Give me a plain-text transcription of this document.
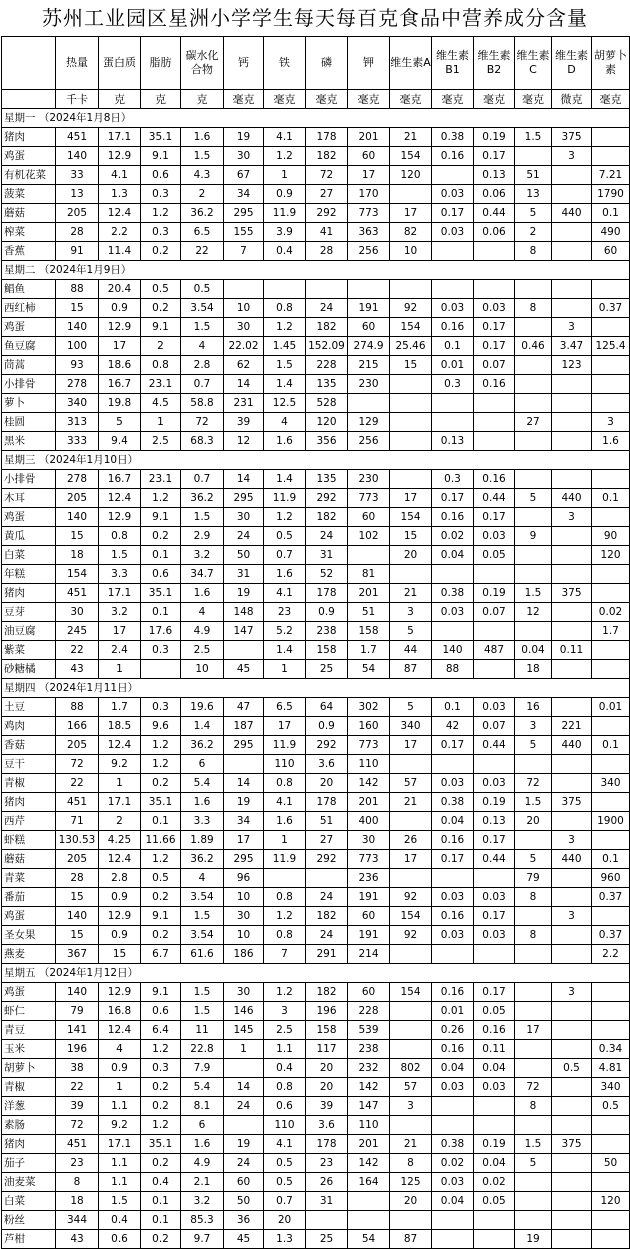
苏州工业园区星洲小学学生每天每百克食品中营养成分含量
	热量	蛋白质	脂肪	碳水化合物	钙	铁	磷	钾	维生素A	维生素B1	维生素B2	维生素C	维生素D	胡萝卜素
	千卡	克	克	克	毫克	毫克	毫克	毫克	毫克	毫克	毫克	毫克	微克	毫克
星期一 （2024年1月8日）														
猪肉	451	17.1	35.1	1.6	19	4.1	178	201	21	0.38	0.19	1.5	375	
鸡蛋	140	12.9	9.1	1.5	30	1.2	182	60	154	0.16	0.17		3	
有机花菜	33	4.1	0.6	4.3	67	1	72	17	120		0.13	51		7.21
菠菜	13	1.3	0.3	2	34	0.9	27	170		0.03	0.06	13		1790
蘑菇	205	12.4	1.2	36.2	295	11.9	292	773	17	0.17	0.44	5	440	0.1
榨菜	28	2.2	0.3	6.5	155	3.9	41	363	82	0.03	0.06	2		490
香蕉	91	11.4	0.2	22	7	0.4	28	256	10			8		60
星期二 （2024年1月9日）														
鲳鱼	88	20.4	0.5	0.5										
西红柿	15	0.9	0.2	3.54	10	0.8	24	191	92	0.03	0.03	8		0.37
鸡蛋	140	12.9	9.1	1.5	30	1.2	182	60	154	0.16	0.17		3	
鱼豆腐	100	17	2	4	22.02	1.45	152.09	274.9	25.46	0.1	0.17	0.46	3.47	125.4
茼蒿	93	18.6	0.8	2.8	62	1.5	228	215	15	0.01	0.07		123	
小排骨	278	16.7	23.1	0.7	14	1.4	135	230		0.3	0.16			
萝卜	340	19.8	4.5	58.8	231	12.5	528							
桂圆	313	5	1	72	39	4	120	129				27		3
黑米	333	9.4	2.5	68.3	12	1.6	356	256		0.13				1.6
星期三 （2024年1月10日）														
小排骨	278	16.7	23.1	0.7	14	1.4	135	230		0.3	0.16			
木耳	205	12.4	1.2	36.2	295	11.9	292	773	17	0.17	0.44	5	440	0.1
鸡蛋	140	12.9	9.1	1.5	30	1.2	182	60	154	0.16	0.17		3	
黄瓜	15	0.8	0.2	2.9	24	0.5	24	102	15	0.02	0.03	9		90
白菜	18	1.5	0.1	3.2	50	0.7	31		20	0.04	0.05			120
年糕	154	3.3	0.6	34.7	31	1.6	52	81						
猪肉	451	17.1	35.1	1.6	19	4.1	178	201	21	0.38	0.19	1.5	375	
豆芽	30	3.2	0.1	4	148	23	0.9	51	3	0.03	0.07	12		0.02
油豆腐	245	17	17.6	4.9	147	5.2	238	158	5					1.7
紫菜	22	2.4	0.3	2.5		1.4	158	1.7	44	140	487	0.04	0.11	
砂糖橘	43	1		10	45	1	25	54	87	88		18		
星期四 （2024年1月11日）														
土豆	88	1.7	0.3	19.6	47	6.5	64	302	5	0.1	0.03	16		0.01
鸡肉	166	18.5	9.6	1.4	187	17	0.9	160	340	42	0.07	3	221	
香菇	205	12.4	1.2	36.2	295	11.9	292	773	17	0.17	0.44	5	440	0.1
豆干	72	9.2	1.2	6		110	3.6	110						
青椒	22	1	0.2	5.4	14	0.8	20	142	57	0.03	0.03	72		340
猪肉	451	17.1	35.1	1.6	19	4.1	178	201	21	0.38	0.19	1.5	375	
西芹	71	2	0.1	3.3	34	1.6	51	400		0.04	0.13	20		1900
虾糕	130.53	4.25	11.66	1.89	17	1	27	30	26	0.16	0.17		3	
蘑菇	205	12.4	1.2	36.2	295	11.9	292	773	17	0.17	0.44	5	440	0.1
青菜	28	2.8	0.5	4	96			236				79		960
番茄	15	0.9	0.2	3.54	10	0.8	24	191	92	0.03	0.03	8		0.37
鸡蛋	140	12.9	9.1	1.5	30	1.2	182	60	154	0.16	0.17		3	
圣女果	15	0.9	0.2	3.54	10	0.8	24	191	92	0.03	0.03	8		0.37
燕麦	367	15	6.7	61.6	186	7	291	214						2.2
星期五 （2024年1月12日）														
鸡蛋	140	12.9	9.1	1.5	30	1.2	182	60	154	0.16	0.17		3	
虾仁	79	16.8	0.6	1.5	146	3	196	228		0.01	0.05			
青豆	141	12.4	6.4	11	145	2.5	158	539		0.26	0.16	17		
玉米	196	4	1.2	22.8	1	1.1	117	238		0.16	0.11			0.34
胡萝卜	38	0.9	0.3	7.9		0.4	20	232	802	0.04	0.04		0.5	4.81
青椒	22	1	0.2	5.4	14	0.8	20	142	57	0.03	0.03	72		340
洋葱	39	1.1	0.2	8.1	24	0.6	39	147	3			8		0.5
素肠	72	9.2	1.2	6		110	3.6	110						
猪肉	451	17.1	35.1	1.6	19	4.1	178	201	21	0.38	0.19	1.5	375	
茄子	23	1.1	0.2	4.9	24	0.5	23	142	8	0.02	0.04	5		50
油麦菜	8	1.1	0.4	2.1	60	0.5	26	164	125	0.03	0.02			
白菜	18	1.5	0.1	3.2	50	0.7	31		20	0.04	0.05			120
粉丝	344	0.4	0.1	85.3	36	20								
芦柑	43	0.6	0.2	9.7	45	1.3	25	54	87			19		
